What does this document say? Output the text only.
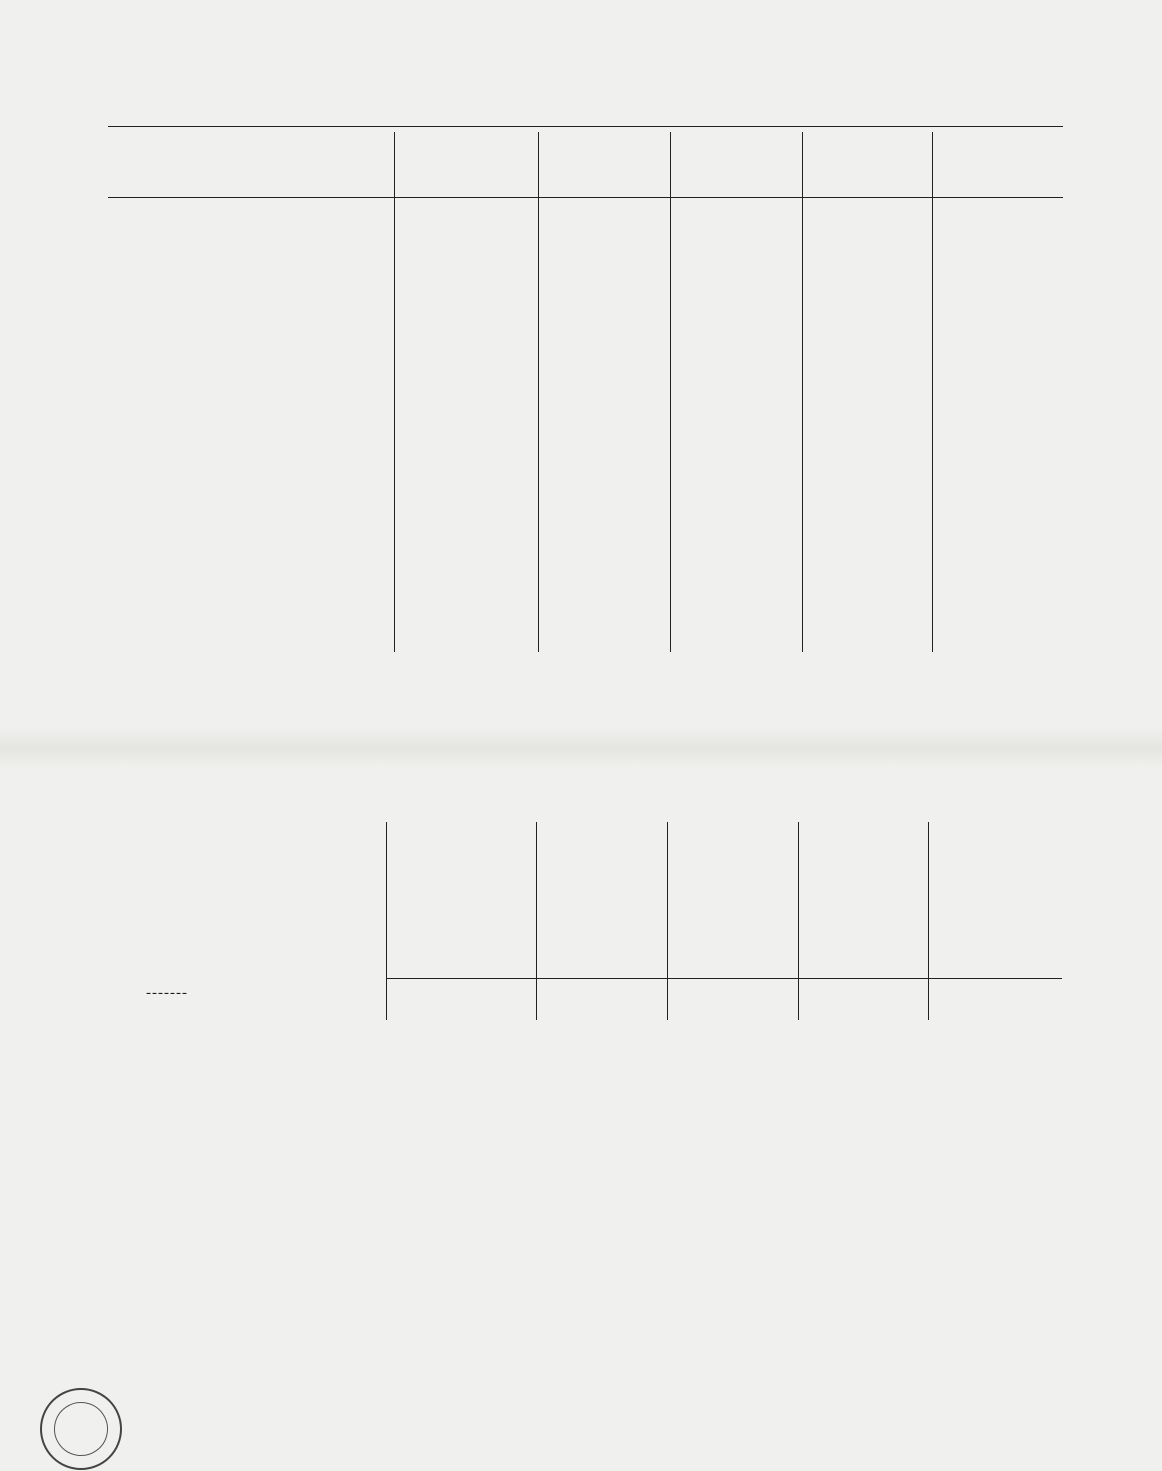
-------
